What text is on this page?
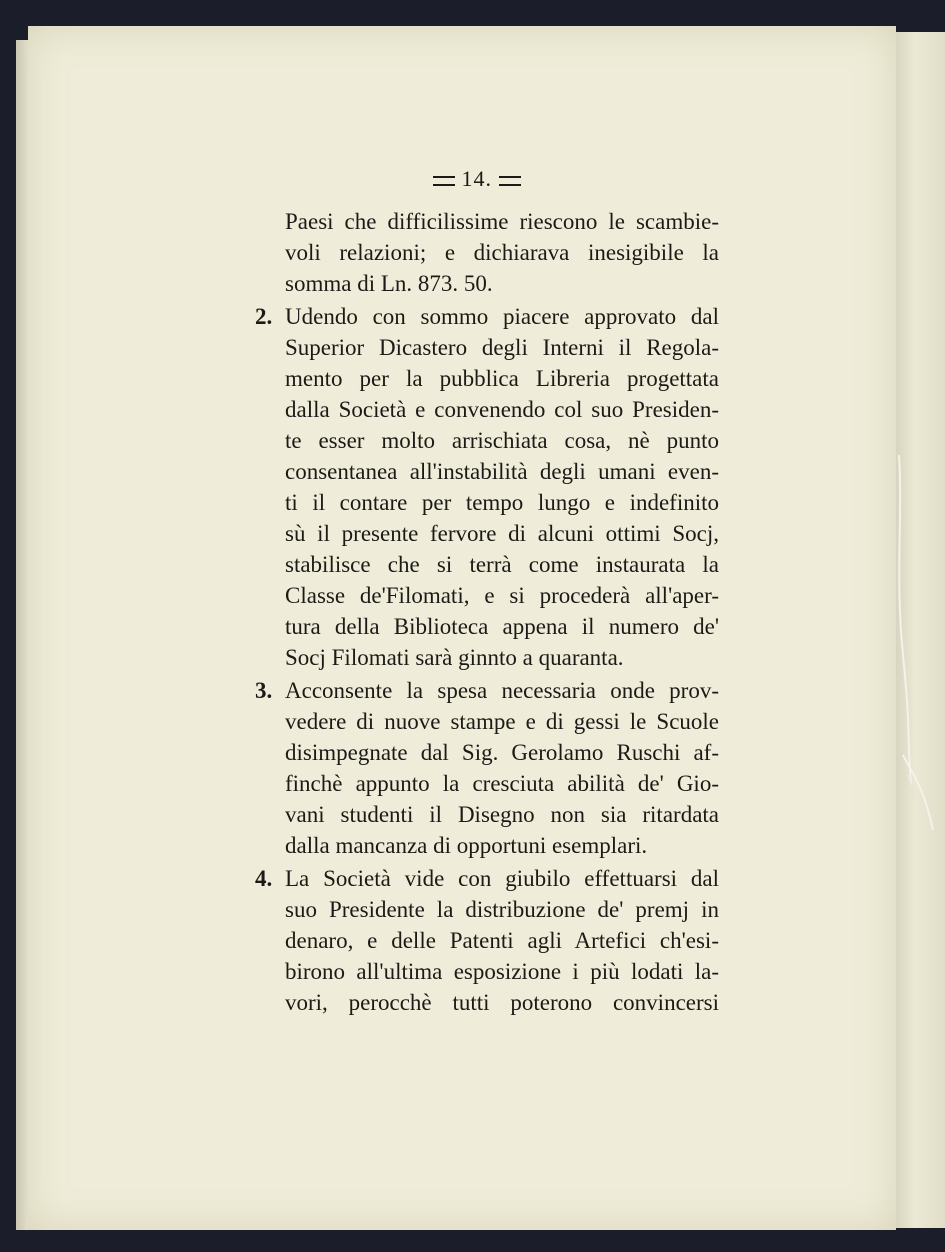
14.
Paesi che difficilissime riescono le scambie-
voli relazioni; e dichiarava inesigibile la
somma di Ln. 873. 50.
2. Udendo con sommo piacere approvato dal
Superior Dicastero degli Interni il Regola-
mento per la pubblica Libreria progettata
dalla Società e convenendo col suo Presiden-
te esser molto arrischiata cosa, nè punto
consentanea all'instabilità degli umani even-
ti il contare per tempo lungo e indefinito
sù il presente fervore di alcuni ottimi Socj,
stabilisce che si terrà come instaurata la
Classe de'Filomati, e si procederà all'aper-
tura della Biblioteca appena il numero de'
Socj Filomati sarà ginnto a quaranta.
3. Acconsente la spesa necessaria onde prov-
vedere di nuove stampe e di gessi le Scuole
disimpegnate dal Sig. Gerolamo Ruschi af-
finchè appunto la cresciuta abilità de' Gio-
vani studenti il Disegno non sia ritardata
dalla mancanza di opportuni esemplari.
4. La Società vide con giubilo effettuarsi dal
suo Presidente la distribuzione de' premj in
denaro, e delle Patenti agli Artefici ch'esi-
birono all'ultima esposizione i più lodati la-
vori, perocchè tutti poterono convincersi
